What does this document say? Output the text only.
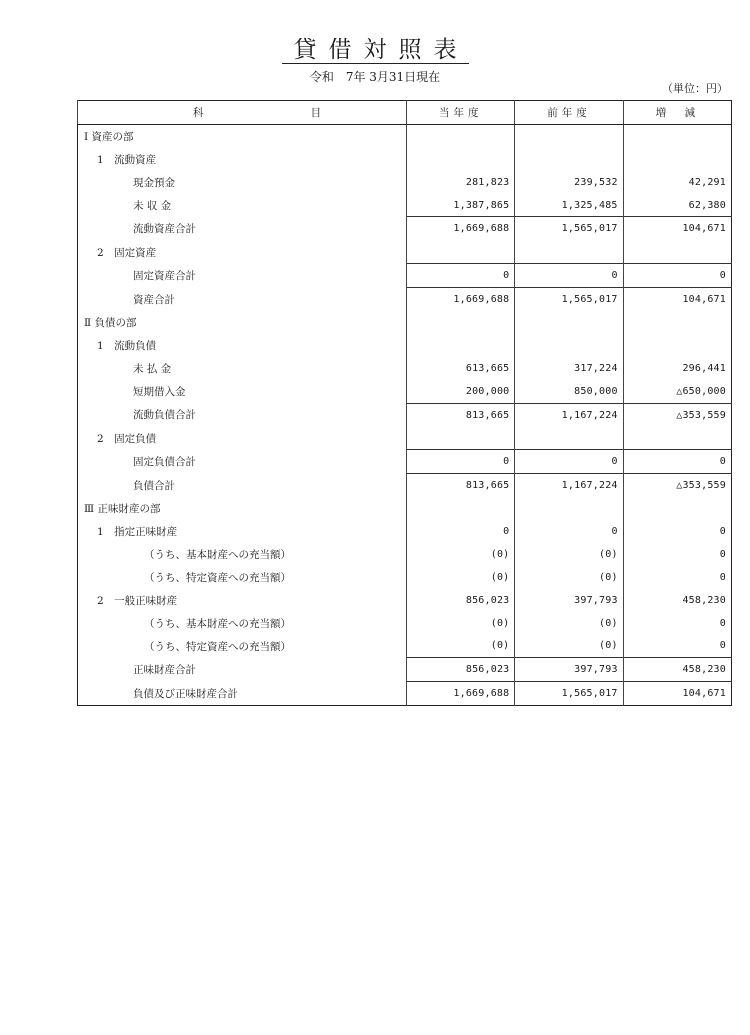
貸借対照表
令和　7年 3月31日現在
（単位：円）
科 目	当年度	前年度	増　減
Ⅰ 資産の部			
1　流動資産			
現金預金	281,823	239,532	42,291
未 収 金	1,387,865	1,325,485	62,380
流動資産合計	1,669,688	1,565,017	104,671
2　固定資産			
固定資産合計	0	0	0
資産合計	1,669,688	1,565,017	104,671
Ⅱ 負債の部			
1　流動負債			
未 払 金	613,665	317,224	296,441
短期借入金	200,000	850,000	△650,000
流動負債合計	813,665	1,167,224	△353,559
2　固定負債			
固定負債合計	0	0	0
負債合計	813,665	1,167,224	△353,559
Ⅲ 正味財産の部			
1　指定正味財産	0	0	0
（うち、基本財産への充当額）	(0)	(0)	0
（うち、特定資産への充当額）	(0)	(0)	0
2　一般正味財産	856,023	397,793	458,230
（うち、基本財産への充当額）	(0)	(0)	0
（うち、特定資産への充当額）	(0)	(0)	0
正味財産合計	856,023	397,793	458,230
負債及び正味財産合計	1,669,688	1,565,017	104,671
